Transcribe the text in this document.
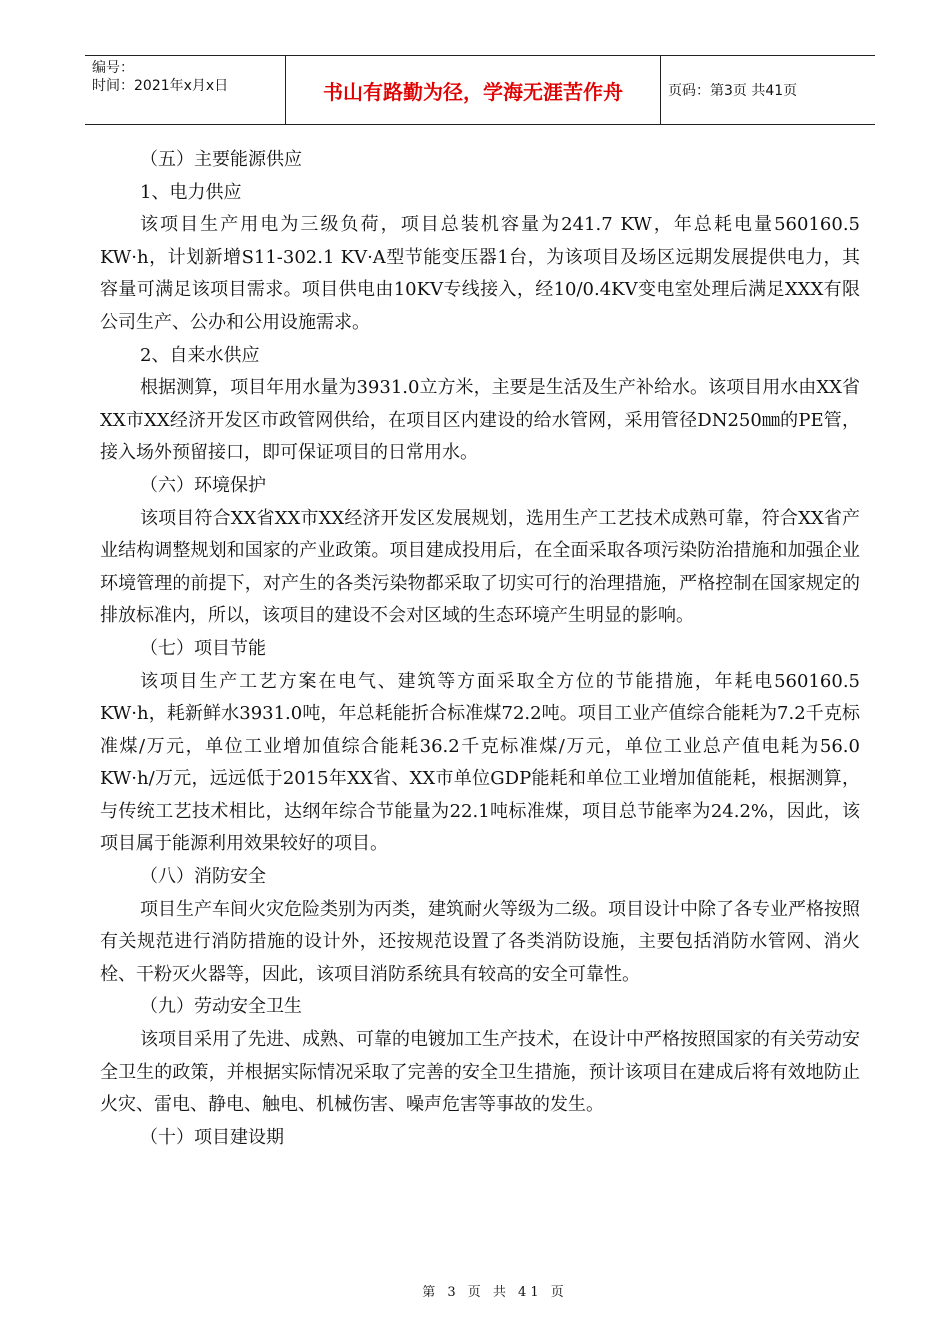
编号：
时间：2021年x月x日	书山有路勤为径，学海无涯苦作舟	页码：第3页 共41页

（五）主要能源供应

1、电力供应

该项目生产用电为三级负荷，项目总装机容量为241.7 KW，年总耗电量560160.5 KW·h，计划新增S11-302.1 KV·A型节能变压器1台，为该项目及场区远期发展提供电力，其容量可满足该项目需求。项目供电由10KV专线接入，经10/0.4KV变电室处理后满足XXX有限公司生产、公办和公用设施需求。

2、自来水供应

根据测算，项目年用水量为3931.0立方米，主要是生活及生产补给水。该项目用水由XX省XX市XX经济开发区市政管网供给，在项目区内建设的给水管网，采用管径DN250㎜的PE管，接入场外预留接口，即可保证项目的日常用水。

（六）环境保护

该项目符合XX省XX市XX经济开发区发展规划，选用生产工艺技术成熟可靠，符合XX省产业结构调整规划和国家的产业政策。项目建成投用后，在全面采取各项污染防治措施和加强企业环境管理的前提下，对产生的各类污染物都采取了切实可行的治理措施，严格控制在国家规定的排放标准内，所以，该项目的建设不会对区域的生态环境产生明显的影响。

（七）项目节能

该项目生产工艺方案在电气、建筑等方面采取全方位的节能措施，年耗电560160.5 KW·h，耗新鲜水3931.0吨，年总耗能折合标准煤72.2吨。项目工业产值综合能耗为7.2千克标准煤/万元，单位工业增加值综合能耗36.2千克标准煤/万元，单位工业总产值电耗为56.0 KW·h/万元，远远低于2015年XX省、XX市单位GDP能耗和单位工业增加值能耗，根据测算，与传统工艺技术相比，达纲年综合节能量为22.1吨标准煤，项目总节能率为24.2%，因此，该项目属于能源利用效果较好的项目。

（八）消防安全

项目生产车间火灾危险类别为丙类，建筑耐火等级为二级。项目设计中除了各专业严格按照有关规范进行消防措施的设计外，还按规范设置了各类消防设施，主要包括消防水管网、消火栓、干粉灭火器等，因此，该项目消防系统具有较高的安全可靠性。

（九）劳动安全卫生

该项目采用了先进、成熟、可靠的电镀加工生产技术，在设计中严格按照国家的有关劳动安全卫生的政策，并根据实际情况采取了完善的安全卫生措施，预计该项目在建成后将有效地防止火灾、雷电、静电、触电、机械伤害、噪声危害等事故的发生。

（十）项目建设期

第 3 页 共 41 页
